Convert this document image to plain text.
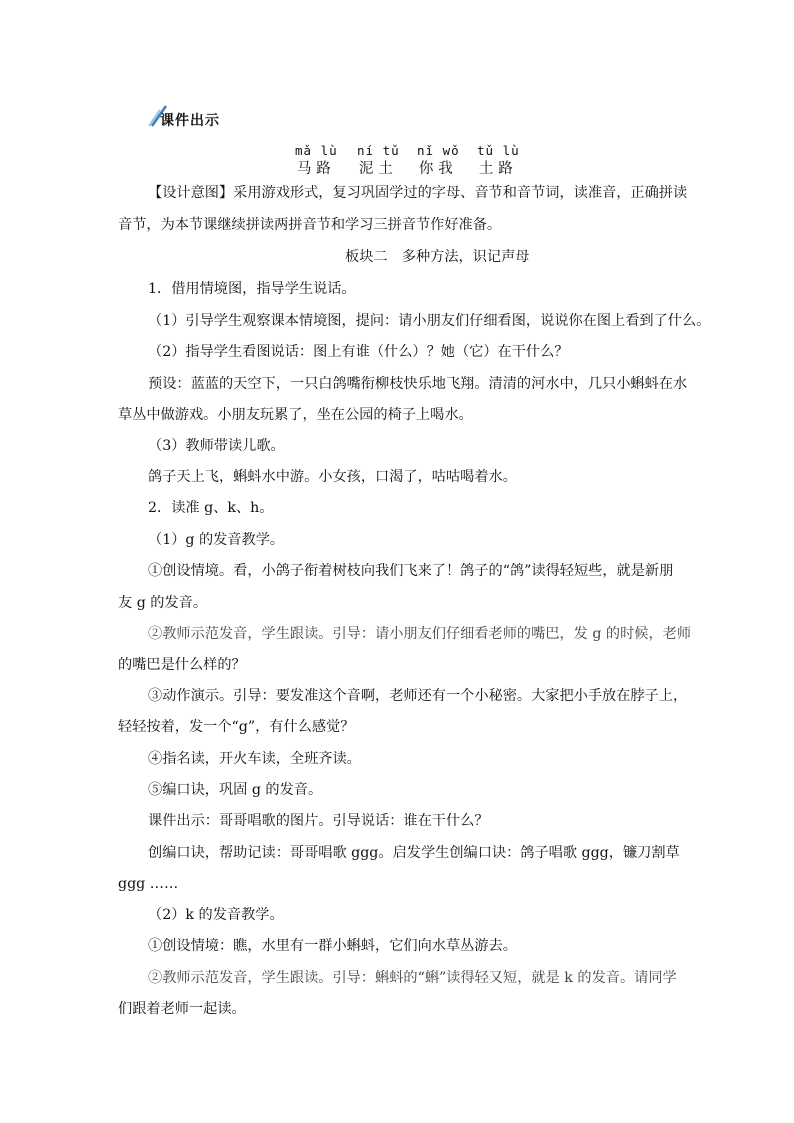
课件出示
mǎ lù
马路
ní tǔ
泥土
nǐ wǒ
你我
tǔ lù
土路
【设计意图】采用游戏形式，复习巩固学过的字母、音节和音节词，读准音，正确拼读
音节，为本节课继续拼读两拼音节和学习三拼音节作好准备。
板块二　多种方法，识记声母
1．借用情境图，指导学生说话。
（1）引导学生观察课本情境图，提问：请小朋友们仔细看图，说说你在图上看到了什么。
（2）指导学生看图说话：图上有谁（什么）？她（它）在干什么？
预设：蓝蓝的天空下，一只白鸽嘴衔柳枝快乐地飞翔。清清的河水中，几只小蝌蚪在水
草丛中做游戏。小朋友玩累了，坐在公园的椅子上喝水。
（3）教师带读儿歌。
鸽子天上飞，蝌蚪水中游。小女孩，口渴了，咕咕喝着水。
2．读准 g、k、h。
（1）g 的发音教学。
①创设情境。看，小鸽子衔着树枝向我们飞来了！鸽子的“鸽”读得轻短些，就是新朋
友 g 的发音。
②教师示范发音，学生跟读。引导：请小朋友们仔细看老师的嘴巴，发 g 的时候，老师
的嘴巴是什么样的？
③动作演示。引导：要发准这个音啊，老师还有一个小秘密。大家把小手放在脖子上，
轻轻按着，发一个“g”，有什么感觉？
④指名读，开火车读，全班齐读。
⑤编口诀，巩固 g 的发音。
课件出示：哥哥唱歌的图片。引导说话：谁在干什么？
创编口诀，帮助记读：哥哥唱歌 ggg。启发学生创编口诀：鸽子唱歌 ggg，镰刀割草
ggg ……
（2）k 的发音教学。
①创设情境：瞧，水里有一群小蝌蚪，它们向水草丛游去。
②教师示范发音，学生跟读。引导：蝌蚪的“蝌”读得轻又短，就是 k 的发音。请同学
们跟着老师一起读。
